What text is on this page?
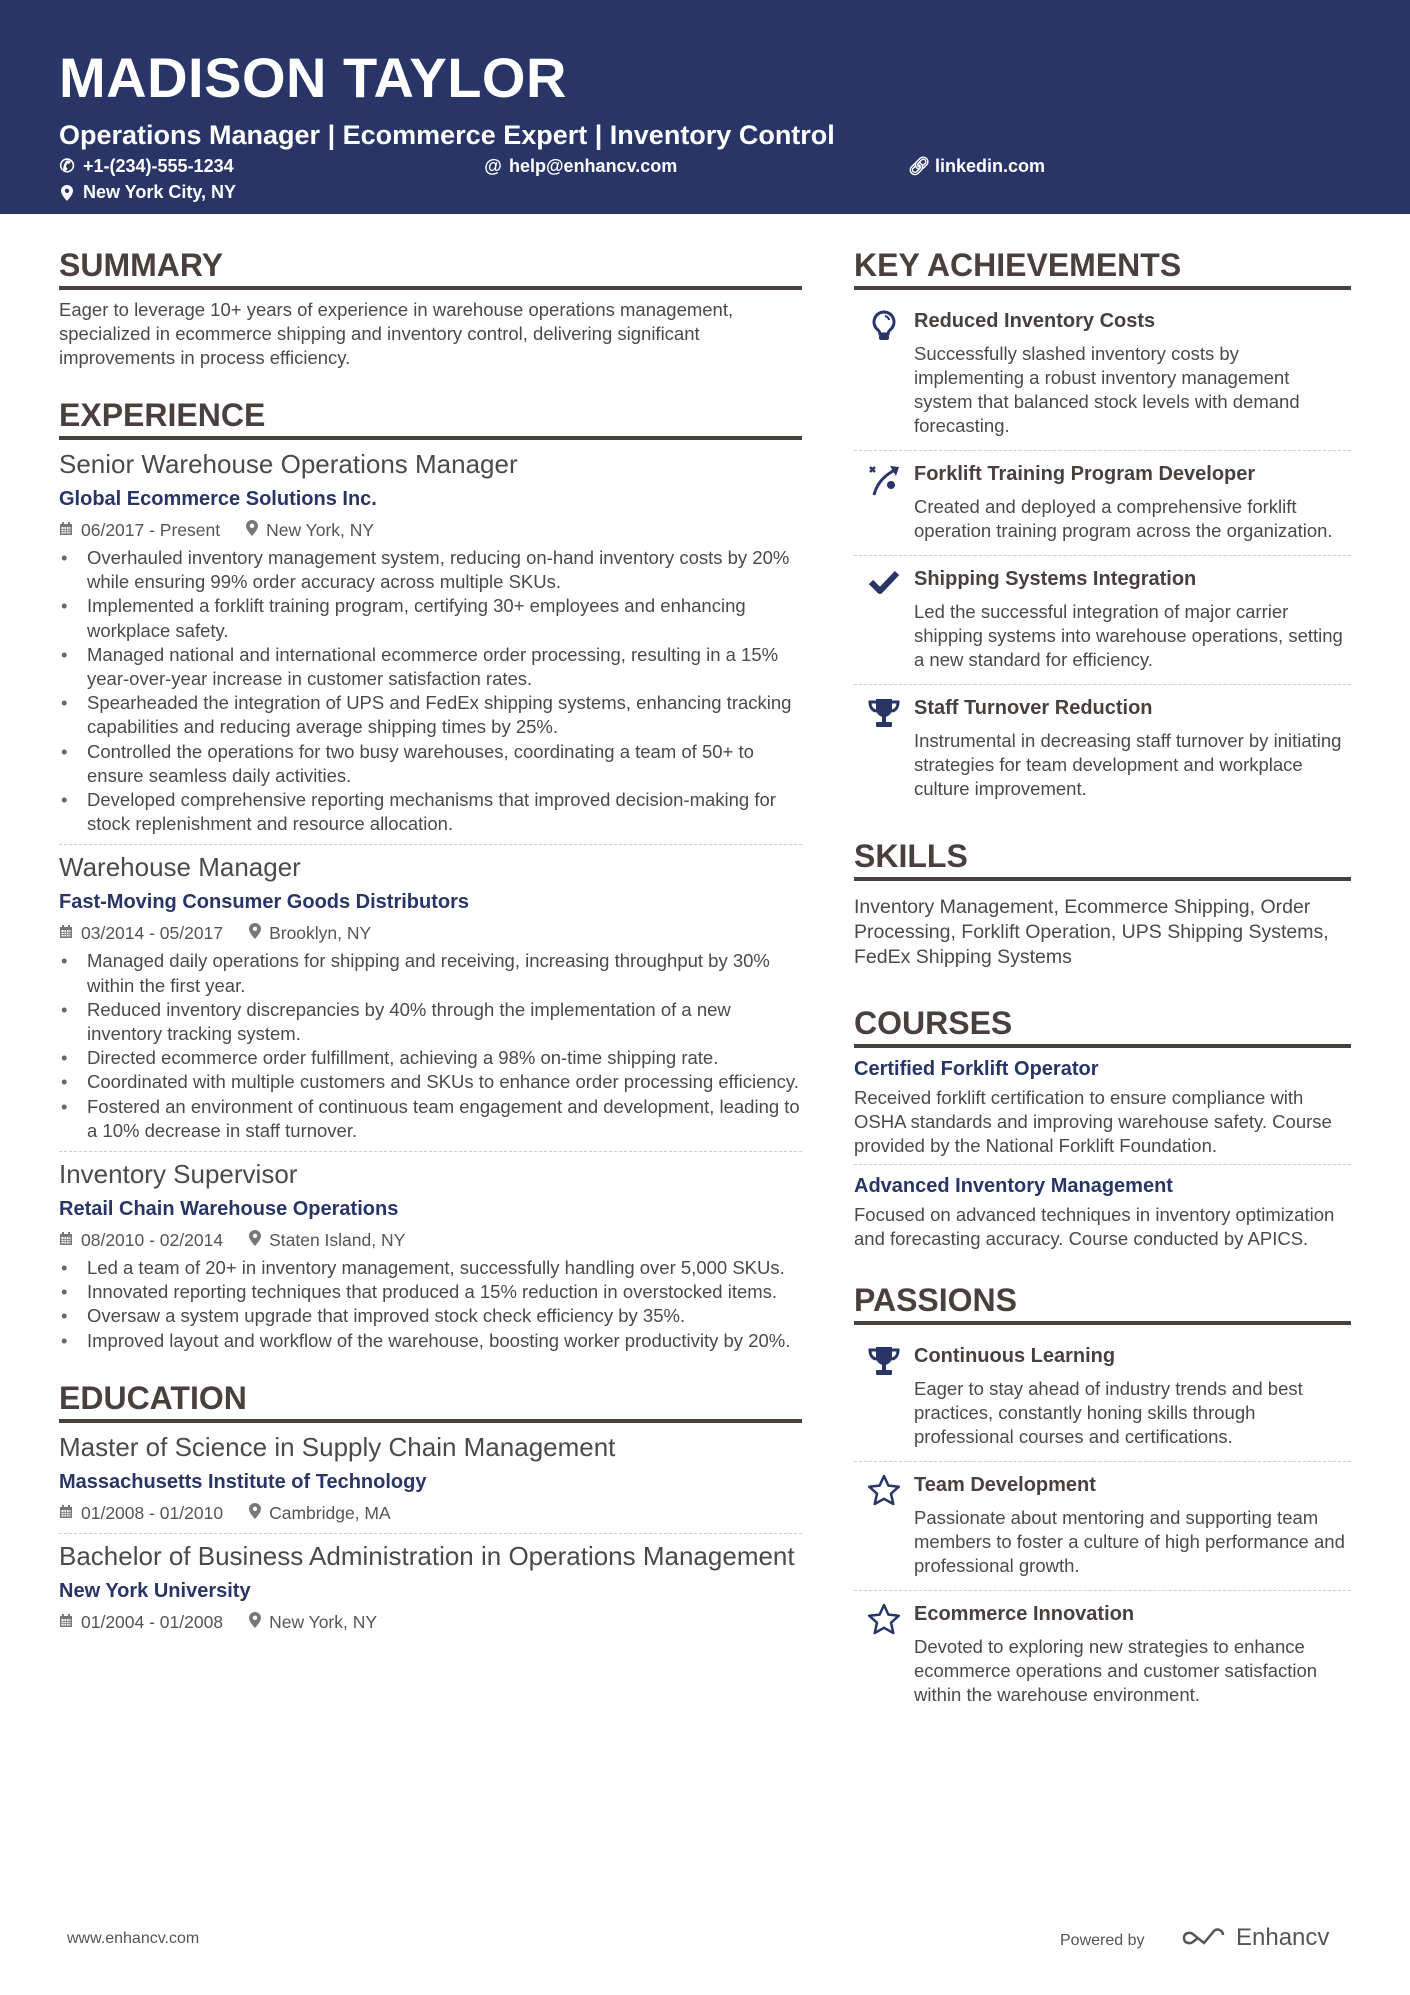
MADISON TAYLOR
Operations Manager | Ecommerce Expert | Inventory Control
✆ +1-(234)-555-1234	@ help@enhancv.com	🔗︎ linkedin.com
New York City, NY
SUMMARY
Eager to leverage 10+ years of experience in warehouse operations management, specialized in ecommerce shipping and inventory control, delivering significant improvements in process efficiency.
EXPERIENCE
Senior Warehouse Operations Manager
Global Ecommerce Solutions Inc.
06/2017 - Present	New York, NY
• Overhauled inventory management system, reducing on-hand inventory costs by 20% while ensuring 99% order accuracy across multiple SKUs.
• Implemented a forklift training program, certifying 30+ employees and enhancing workplace safety.
• Managed national and international ecommerce order processing, resulting in a 15% year-over-year increase in customer satisfaction rates.
• Spearheaded the integration of UPS and FedEx shipping systems, enhancing tracking capabilities and reducing average shipping times by 25%.
• Controlled the operations for two busy warehouses, coordinating a team of 50+ to ensure seamless daily activities.
• Developed comprehensive reporting mechanisms that improved decision-making for stock replenishment and resource allocation.
Warehouse Manager
Fast-Moving Consumer Goods Distributors
03/2014 - 05/2017	Brooklyn, NY
• Managed daily operations for shipping and receiving, increasing throughput by 30% within the first year.
• Reduced inventory discrepancies by 40% through the implementation of a new inventory tracking system.
• Directed ecommerce order fulfillment, achieving a 98% on-time shipping rate.
• Coordinated with multiple customers and SKUs to enhance order processing efficiency.
• Fostered an environment of continuous team engagement and development, leading to a 10% decrease in staff turnover.
Inventory Supervisor
Retail Chain Warehouse Operations
08/2010 - 02/2014	Staten Island, NY
• Led a team of 20+ in inventory management, successfully handling over 5,000 SKUs.
• Innovated reporting techniques that produced a 15% reduction in overstocked items.
• Oversaw a system upgrade that improved stock check efficiency by 35%.
• Improved layout and workflow of the warehouse, boosting worker productivity by 20%.
EDUCATION
Master of Science in Supply Chain Management
Massachusetts Institute of Technology
01/2008 - 01/2010	Cambridge, MA
Bachelor of Business Administration in Operations Management
New York University
01/2004 - 01/2008	New York, NY
KEY ACHIEVEMENTS
Reduced Inventory Costs
Successfully slashed inventory costs by implementing a robust inventory management system that balanced stock levels with demand forecasting.
Forklift Training Program Developer
Created and deployed a comprehensive forklift operation training program across the organization.
Shipping Systems Integration
Led the successful integration of major carrier shipping systems into warehouse operations, setting a new standard for efficiency.
Staff Turnover Reduction
Instrumental in decreasing staff turnover by initiating strategies for team development and workplace culture improvement.
SKILLS
Inventory Management, Ecommerce Shipping, Order Processing, Forklift Operation, UPS Shipping Systems, FedEx Shipping Systems
COURSES
Certified Forklift Operator
Received forklift certification to ensure compliance with OSHA standards and improving warehouse safety. Course provided by the National Forklift Foundation.
Advanced Inventory Management
Focused on advanced techniques in inventory optimization and forecasting accuracy. Course conducted by APICS.
PASSIONS
Continuous Learning
Eager to stay ahead of industry trends and best practices, constantly honing skills through professional courses and certifications.
Team Development
Passionate about mentoring and supporting team members to foster a culture of high performance and professional growth.
Ecommerce Innovation
Devoted to exploring new strategies to enhance ecommerce operations and customer satisfaction within the warehouse environment.
www.enhancv.com	Powered by	Enhancv
